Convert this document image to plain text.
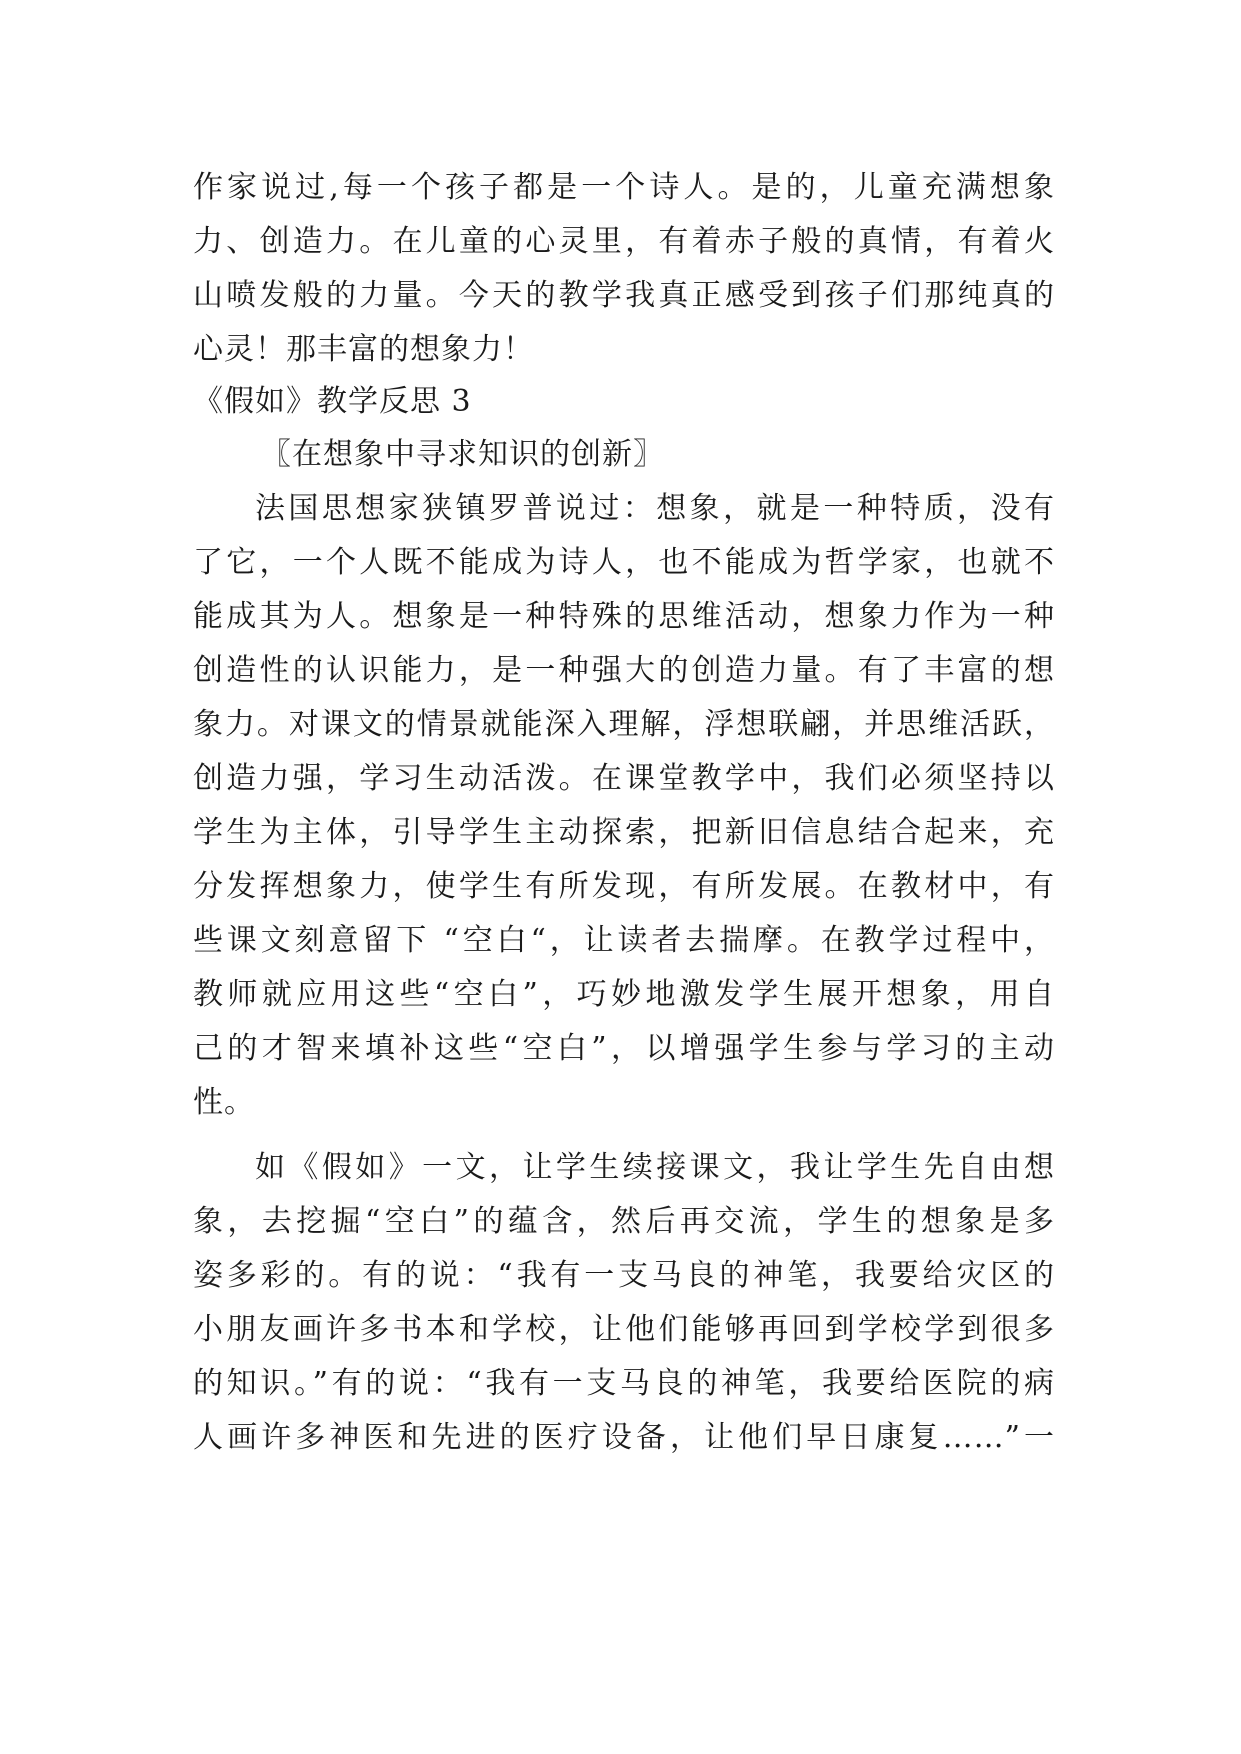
作家说过,每一个孩子都是一个诗人。是的，儿童充满想象
力、创造力。在儿童的心灵里，有着赤子般的真情，有着火
山喷发般的力量。今天的教学我真正感受到孩子们那纯真的
心灵！那丰富的想象力！
《假如》教学反思 3
〖在想象中寻求知识的创新〗
法国思想家狭镇罗普说过：想象，就是一种特质，没有
了它，一个人既不能成为诗人，也不能成为哲学家，也就不
能成其为人。想象是一种特殊的思维活动，想象力作为一种
创造性的认识能力，是一种强大的创造力量。有了丰富的想
象力。对课文的情景就能深入理解，浮想联翩，并思维活跃，
创造力强，学习生动活泼。在课堂教学中，我们必须坚持以
学生为主体，引导学生主动探索，把新旧信息结合起来，充
分发挥想象力，使学生有所发现，有所发展。在教材中，有
些课文刻意留下 “空白“，让读者去揣摩。在教学过程中，
教师就应用这些“空白”，巧妙地激发学生展开想象，用自
己的才智来填补这些“空白”，以增强学生参与学习的主动
性。
如《假如》一文，让学生续接课文，我让学生先自由想
象，去挖掘“空白”的蕴含，然后再交流，学生的想象是多
姿多彩的。有的说：“我有一支马良的神笔，我要给灾区的
小朋友画许多书本和学校，让他们能够再回到学校学到很多
的知识。”有的说：“我有一支马良的神笔，我要给医院的病
人画许多神医和先进的医疗设备，让他们早日康复……”一
